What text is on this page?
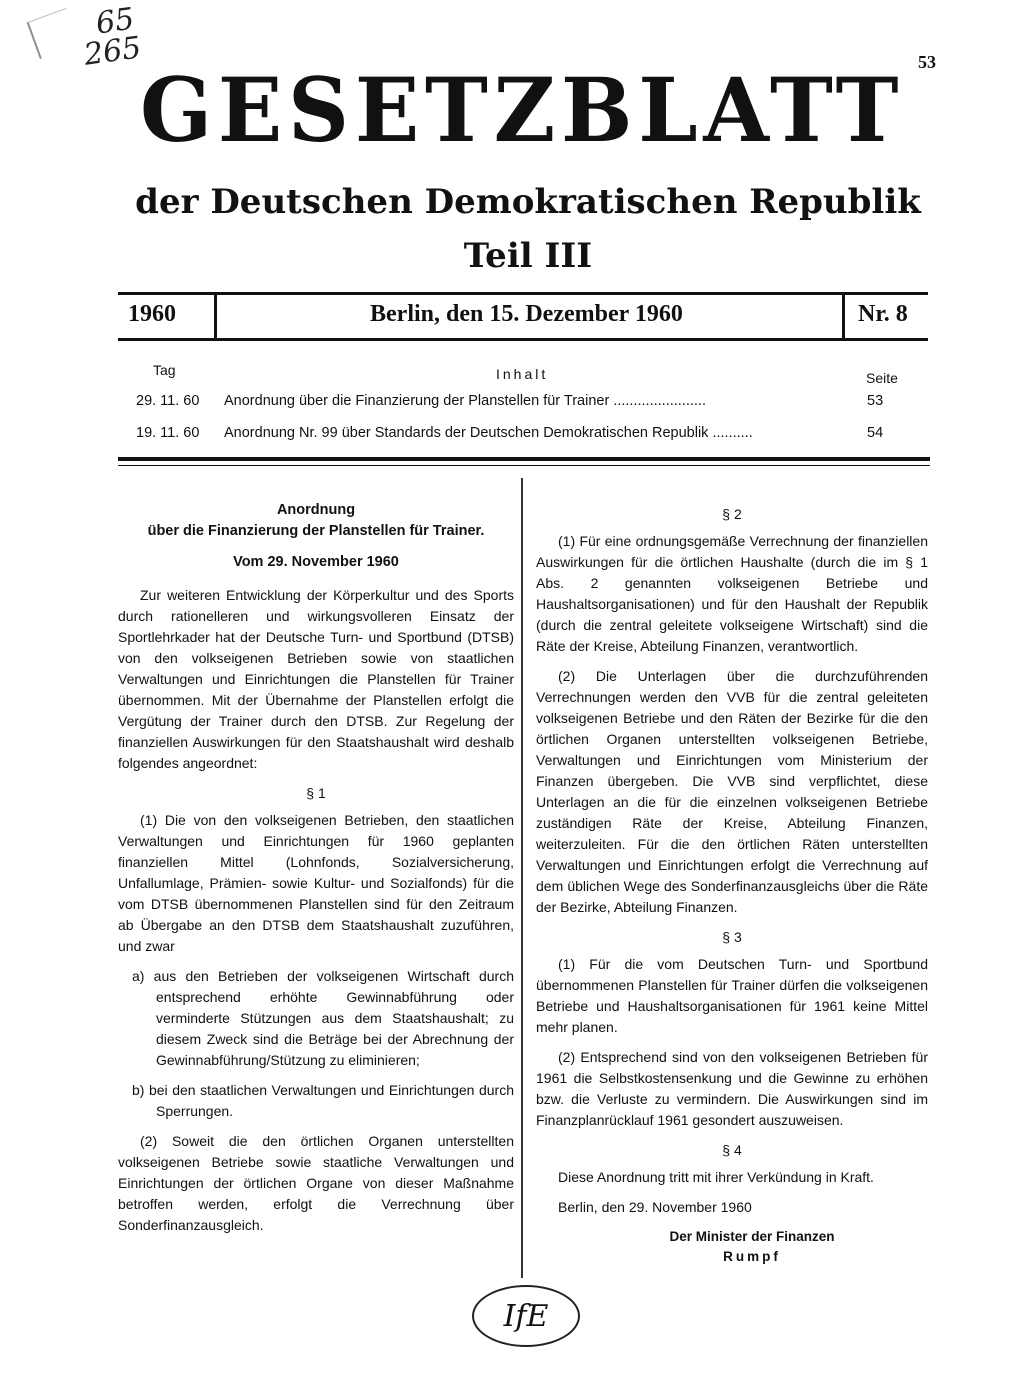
65
265	53
GESETZBLATT
der Deutschen Demokratischen Republik
Teil III
1960	Berlin, den 15. Dezember 1960	Nr. 8
Tag	Inhalt	Seite
29. 11. 60 Anordnung über die Finanzierung der Planstellen für Trainer .......................	53
19. 11. 60 Anordnung Nr. 99 über Standards der Deutschen Demokratischen Republik ..........	54
Anordnung
über die Finanzierung der Planstellen für Trainer.
Vom 29. November 1960

Zur weiteren Entwicklung der Körperkultur und des Sports durch rationelleren und wirkungsvolleren Einsatz der Sportlehrkader hat der Deutsche Turn- und Sportbund (DTSB) von den volkseigenen Betrieben sowie von staatlichen Verwaltungen und Einrichtungen die Planstellen für Trainer übernommen. Mit der Übernahme der Planstellen erfolgt die Vergütung der Trainer durch den DTSB. Zur Regelung der finanziellen Auswirkungen für den Staatshaushalt wird deshalb folgendes angeordnet:

§ 1

(1) Die von den volkseigenen Betrieben, den staatlichen Verwaltungen und Einrichtungen für 1960 geplanten finanziellen Mittel (Lohnfonds, Sozialversicherung, Unfallumlage, Prämien- sowie Kultur- und Sozialfonds) für die vom DTSB übernommenen Planstellen sind für den Zeitraum ab Übergabe an den DTSB dem Staatshaushalt zuzuführen, und zwar

a) aus den Betrieben der volkseigenen Wirtschaft durch entsprechend erhöhte Gewinnabführung oder verminderte Stützungen aus dem Staatshaushalt; zu diesem Zweck sind die Beträge bei der Abrechnung der Gewinnabführung/Stützung zu eliminieren;
b) bei den staatlichen Verwaltungen und Einrichtungen durch Sperrungen.

(2) Soweit die den örtlichen Organen unterstellten volkseigenen Betriebe sowie staatliche Verwaltungen und Einrichtungen der örtlichen Organe von dieser Maßnahme betroffen werden, erfolgt die Verrechnung über Sonderfinanzausgleich.

§ 2

(1) Für eine ordnungsgemäße Verrechnung der finanziellen Auswirkungen für die örtlichen Haushalte (durch die im § 1 Abs. 2 genannten volkseigenen Betriebe und Haushaltsorganisationen) und für den Haushalt der Republik (durch die zentral geleitete volkseigene Wirtschaft) sind die Räte der Kreise, Abteilung Finanzen, verantwortlich.

(2) Die Unterlagen über die durchzuführenden Verrechnungen werden den VVB für die zentral geleiteten volkseigenen Betriebe und den Räten der Bezirke für die den örtlichen Organen unterstellten volkseigenen Betriebe, Verwaltungen und Einrichtungen vom Ministerium der Finanzen übergeben. Die VVB sind verpflichtet, diese Unterlagen an die für die einzelnen volkseigenen Betriebe zuständigen Räte der Kreise, Abteilung Finanzen, weiterzuleiten. Für die den örtlichen Räten unterstellten Verwaltungen und Einrichtungen erfolgt die Verrechnung auf dem üblichen Wege des Sonderfinanzausgleichs über die Räte der Bezirke, Abteilung Finanzen.

§ 3

(1) Für die vom Deutschen Turn- und Sportbund übernommenen Planstellen für Trainer dürfen die volkseigenen Betriebe und Haushaltsorganisationen für 1961 keine Mittel mehr planen.

(2) Entsprechend sind von den volkseigenen Betrieben für 1961 die Selbstkostensenkung und die Gewinne zu erhöhen bzw. die Verluste zu vermindern. Die Auswirkungen sind im Finanzplanrücklauf 1961 gesondert auszuweisen.

§ 4

Diese Anordnung tritt mit ihrer Verkündung in Kraft.

Berlin, den 29. November 1960

Der Minister der Finanzen
Rumpf
IfE
